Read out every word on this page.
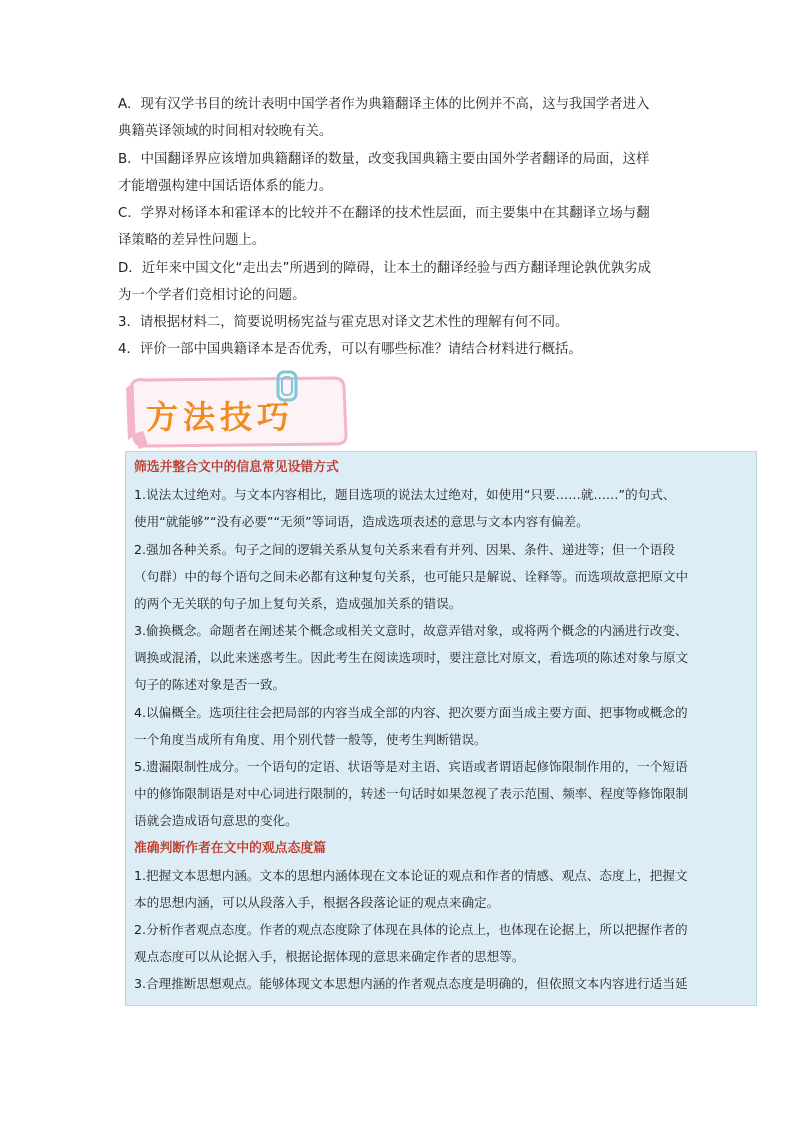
A．现有汉学书目的统计表明中国学者作为典籍翻译主体的比例并不高，这与我国学者进入
典籍英译领域的时间相对较晚有关。
B．中国翻译界应该增加典籍翻译的数量，改变我国典籍主要由国外学者翻译的局面，这样
才能增强构建中国话语体系的能力。
C．学界对杨译本和霍译本的比较并不在翻译的技术性层面，而主要集中在其翻译立场与翻
译策略的差异性问题上。
D．近年来中国文化“走出去”所遇到的障碍，让本土的翻译经验与西方翻译理论孰优孰劣成
为一个学者们竞相讨论的问题。
3．请根据材料二，简要说明杨宪益与霍克思对译文艺术性的理解有何不同。
4．评价一部中国典籍译本是否优秀，可以有哪些标准？请结合材料进行概括。
方法技巧
筛选并整合文中的信息常见设错方式
1.说法太过绝对。与文本内容相比，题目选项的说法太过绝对，如使用“只要……就……”的句式、
使用“就能够”“没有必要”“无须”等词语，造成选项表述的意思与文本内容有偏差。
2.强加各种关系。句子之间的逻辑关系从复句关系来看有并列、因果、条件、递进等；但一个语段
（句群）中的每个语句之间未必都有这种复句关系，也可能只是解说、诠释等。而选项故意把原文中
的两个无关联的句子加上复句关系，造成强加关系的错误。
3.偷换概念。命题者在阐述某个概念或相关文意时，故意弄错对象，或将两个概念的内涵进行改变、
调换或混淆，以此来迷惑考生。因此考生在阅读选项时，要注意比对原文，看选项的陈述对象与原文
句子的陈述对象是否一致。
4.以偏概全。选项往往会把局部的内容当成全部的内容、把次要方面当成主要方面、把事物或概念的
一个角度当成所有角度、用个别代替一般等，使考生判断错误。
5.遗漏限制性成分。一个语句的定语、状语等是对主语、宾语或者谓语起修饰限制作用的，一个短语
中的修饰限制语是对中心词进行限制的，转述一句话时如果忽视了表示范围、频率、程度等修饰限制
语就会造成语句意思的变化。
准确判断作者在文中的观点态度篇
1.把握文本思想内涵。文本的思想内涵体现在文本论证的观点和作者的情感、观点、态度上，把握文
本的思想内涵，可以从段落入手，根据各段落论证的观点来确定。
2.分析作者观点态度。作者的观点态度除了体现在具体的论点上，也体现在论据上，所以把握作者的
观点态度可以从论据入手，根据论据体现的意思来确定作者的思想等。
3.合理推断思想观点。能够体现文本思想内涵的作者观点态度是明确的，但依照文本内容进行适当延
